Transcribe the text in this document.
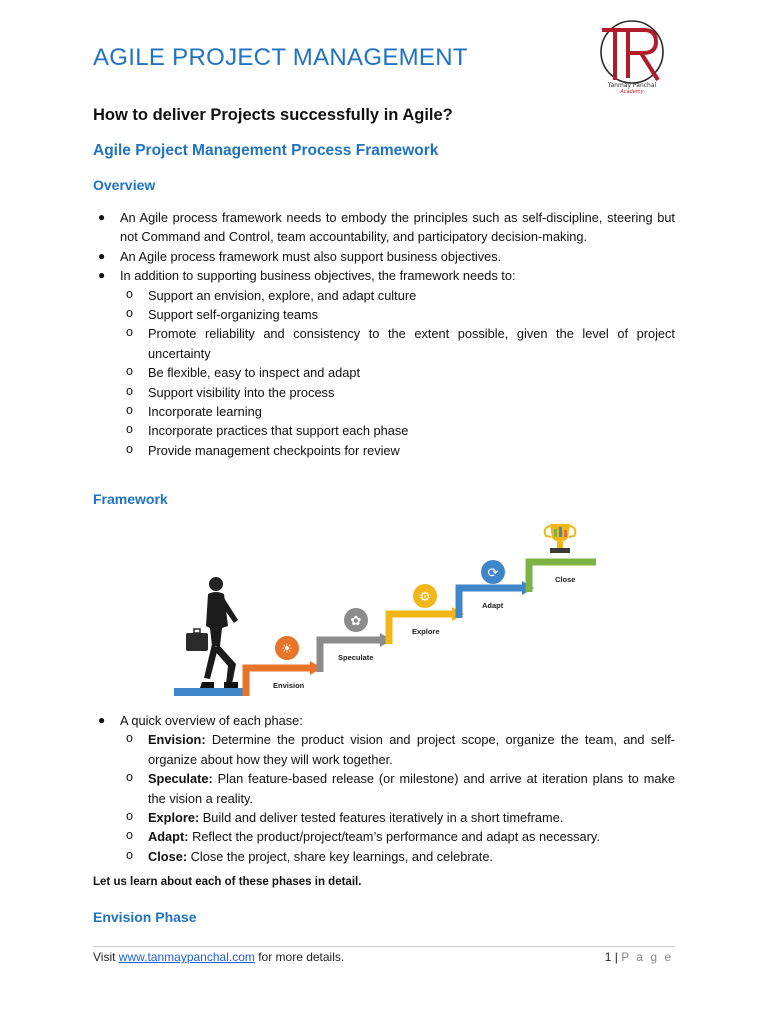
AGILE PROJECT MANAGEMENT
Tanmay Panchal
Academy
How to deliver Projects successfully in Agile?
Agile Project Management Process Framework
Overview
● An Agile process framework needs to embody the principles such as self-discipline, steering but not Command and Control, team accountability, and participatory decision-making.
● An Agile process framework must also support business objectives.
● In addition to supporting business objectives, the framework needs to:
o Support an envision, explore, and adapt culture
o Support self-organizing teams
o Promote reliability and consistency to the extent possible, given the level of project uncertainty
o Be flexible, easy to inspect and adapt
o Support visibility into the process
o Incorporate learning
o Incorporate practices that support each phase
o Provide management checkpoints for review
Framework
☀
Envision
✿
Speculate
⚙
Explore
⟳
Adapt
Close
● A quick overview of each phase:
o Envision: Determine the product vision and project scope, organize the team, and self-organize about how they will work together.
o Speculate: Plan feature-based release (or milestone) and arrive at iteration plans to make the vision a reality.
o Explore: Build and deliver tested features iteratively in a short timeframe.
o Adapt: Reflect the product/project/team’s performance and adapt as necessary.
o Close: Close the project, share key learnings, and celebrate.
Let us learn about each of these phases in detail.
Envision Phase
Visit www.tanmaypanchal.com for more details.	1 | P a g e
